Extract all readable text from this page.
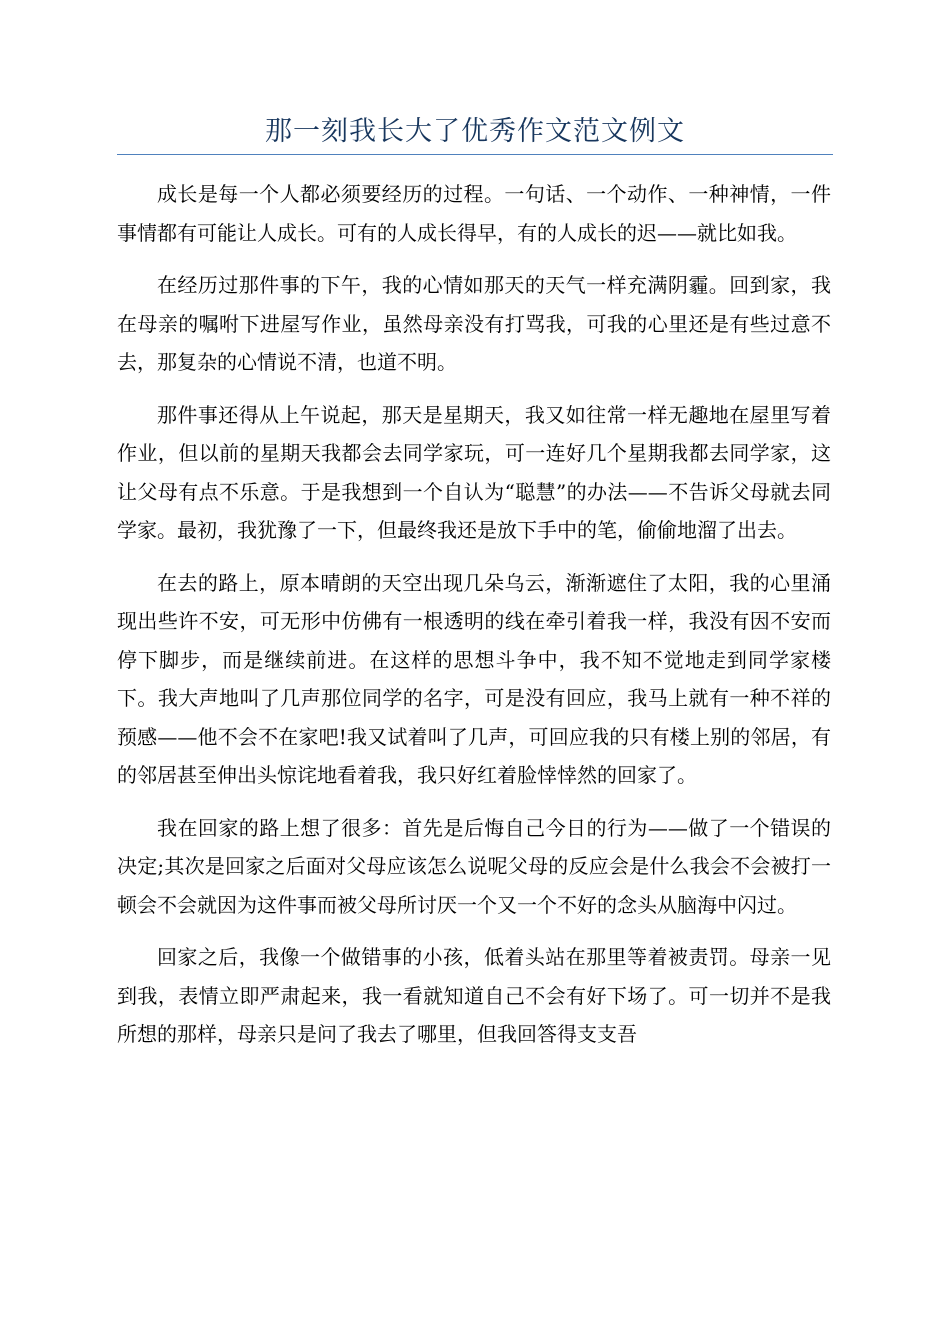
那一刻我长大了优秀作文范文例文

成长是每一个人都必须要经历的过程。一句话、一个动作、一种神情，一件事情都有可能让人成长。可有的人成长得早，有的人成长的迟——就比如我。

在经历过那件事的下午，我的心情如那天的天气一样充满阴霾。回到家，我在母亲的嘱咐下进屋写作业，虽然母亲没有打骂我，可我的心里还是有些过意不去，那复杂的心情说不清，也道不明。

那件事还得从上午说起，那天是星期天，我又如往常一样无趣地在屋里写着作业，但以前的星期天我都会去同学家玩，可一连好几个星期我都去同学家，这让父母有点不乐意。于是我想到一个自认为“聪慧”的办法——不告诉父母就去同学家。最初，我犹豫了一下，但最终我还是放下手中的笔，偷偷地溜了出去。

在去的路上，原本晴朗的天空出现几朵乌云，渐渐遮住了太阳，我的心里涌现出些许不安，可无形中仿佛有一根透明的线在牵引着我一样，我没有因不安而停下脚步，而是继续前进。在这样的思想斗争中，我不知不觉地走到同学家楼下。我大声地叫了几声那位同学的名字，可是没有回应，我马上就有一种不祥的预感——他不会不在家吧!我又试着叫了几声，可回应我的只有楼上别的邻居，有的邻居甚至伸出头惊诧地看着我，我只好红着脸悻悻然的回家了。

我在回家的路上想了很多：首先是后悔自己今日的行为——做了一个错误的决定;其次是回家之后面对父母应该怎么说呢父母的反应会是什么我会不会被打一顿会不会就因为这件事而被父母所讨厌一个又一个不好的念头从脑海中闪过。

回家之后，我像一个做错事的小孩，低着头站在那里等着被责罚。母亲一见到我，表情立即严肃起来，我一看就知道自己不会有好下场了。可一切并不是我所想的那样，母亲只是问了我去了哪里，但我回答得支支吾
